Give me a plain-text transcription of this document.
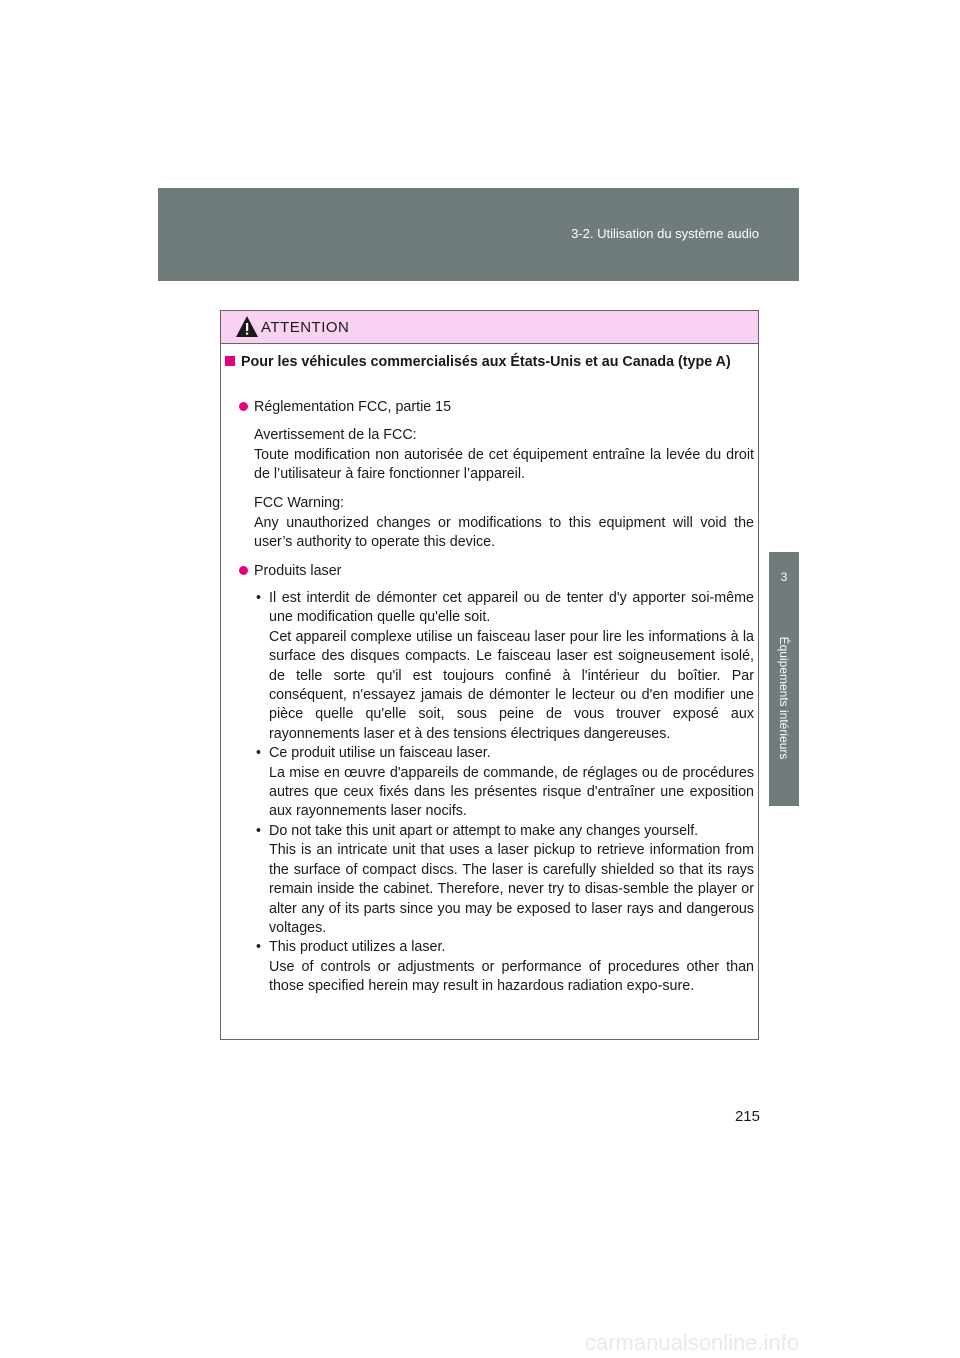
3-2. Utilisation du système audio
3
Équipements intérieurs
ATTENTION
Pour les véhicules commercialisés aux États-Unis et au Canada (type A)
Réglementation FCC, partie 15

Avertissement de la FCC:

Toute modification non autorisée de cet équipement entraîne la levée du droit de l’utilisateur à faire fonctionner l’appareil.

FCC Warning:

Any unauthorized changes or modifications to this equipment will void the user’s authority to operate this device.

Produits laser
• Il est interdit de démonter cet appareil ou de tenter d'y apporter soi-même une modification quelle qu'elle soit.

Cet appareil complexe utilise un faisceau laser pour lire les informations à la surface des disques compacts. Le faisceau laser est soigneusement isolé, de telle sorte qu'il est toujours confiné à l'intérieur du boîtier. Par conséquent, n'essayez jamais de démonter le lecteur ou d'en modifier une pièce quelle qu'elle soit, sous peine de vous trouver exposé aux rayonnements laser et à des tensions électriques dangereuses.

• Ce produit utilise un faisceau laser.

La mise en œuvre d'appareils de commande, de réglages ou de procédures autres que ceux fixés dans les présentes risque d'entraîner une exposition aux rayonnements laser nocifs.

• Do not take this unit apart or attempt to make any changes yourself.

This is an intricate unit that uses a laser pickup to retrieve information from the surface of compact discs. The laser is carefully shielded so that its rays remain inside the cabinet. Therefore, never try to disas-semble the player or alter any of its parts since you may be exposed to laser rays and dangerous voltages.

• This product utilizes a laser.

Use of controls or adjustments or performance of procedures other than those specified herein may result in hazardous radiation expo-sure.

215
carmanualsonline.info
